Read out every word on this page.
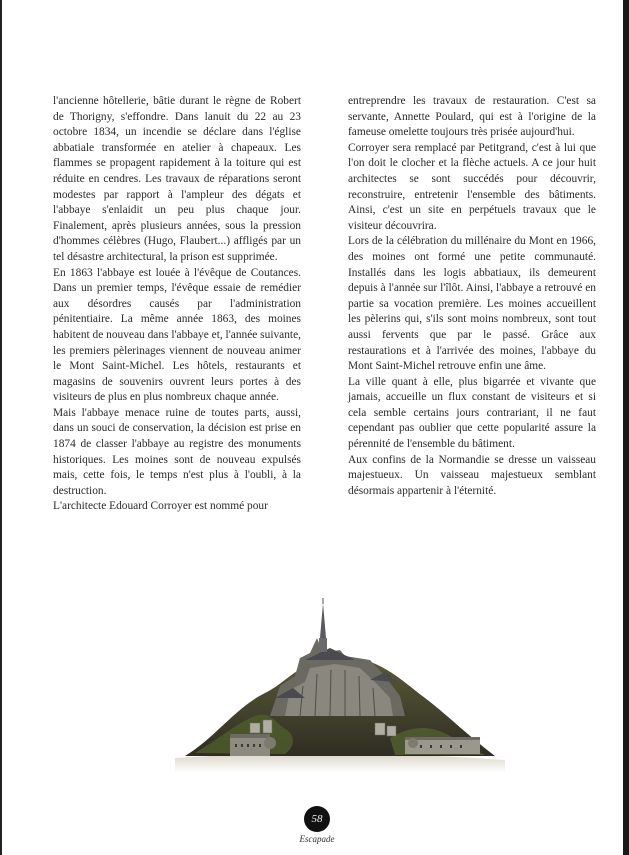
l'ancienne hôtellerie, bâtie durant le règne de Robert de Thorigny, s'effondre. Dans lanuit du 22 au 23 octobre 1834, un incendie se déclare dans l'église abbatiale transformée en atelier à chapeaux. Les flammes se propagent rapidement à la toiture qui est réduite en cendres. Les travaux de réparations seront modestes par rapport à l'ampleur des dégats et l'abbaye s'enlaidit un peu plus chaque jour. Finalement, après plusieurs années, sous la pression d'hommes célèbres (Hugo, Flaubert...) affligés par un tel désastre architectural, la prison est supprimée.

En 1863 l'abbaye est louée à l'évêque de Coutances. Dans un premier temps, l'évêque essaie de remédier aux désordres causés par l'administration pénitentiaire. La même année 1863, des moines habitent de nouveau dans l'abbaye et, l'année suivante, les premiers pèlerinages viennent de nouveau animer le Mont Saint-Michel. Les hôtels, restaurants et magasins de souvenirs ouvrent leurs portes à des visiteurs de plus en plus nombreux chaque année.

Mais l'abbaye menace ruine de toutes parts, aussi, dans un souci de conservation, la décision est prise en 1874 de classer l'abbaye au registre des monuments historiques. Les moines sont de nouveau expulsés mais, cette fois, le temps n'est plus à l'oubli, à la destruction.

L'architecte Edouard Corroyer est nommé pour

entreprendre les travaux de restauration. C'est sa servante, Annette Poulard, qui est à l'origine de la fameuse omelette toujours très prisée aujourd'hui.

Corroyer sera remplacé par Petitgrand, c'est à lui que l'on doit le clocher et la flèche actuels. A ce jour huit architectes se sont succédés pour découvrir, reconstruire, entretenir l'ensemble des bâtiments. Ainsi, c'est un site en perpétuels travaux que le visiteur découvrira.

Lors de la célébration du millénaire du Mont en 1966, des moines ont formé une petite communauté. Installés dans les logis abbatiaux, ils demeurent depuis à l'année sur l'îlôt. Ainsi, l'abbaye a retrouvé en partie sa vocation première. Les moines accueillent les pèlerins qui, s'ils sont moins nombreux, sont tout aussi fervents que par le passé. Grâce aux restaurations et à l'arrivée des moines, l'abbaye du Mont Saint-Michel retrouve enfin une âme.

La ville quant à elle, plus bigarrée et vivante que jamais, accueille un flux constant de visiteurs et si cela semble certains jours contrariant, il ne faut cependant pas oublier que cette popularité assure la pérennité de l'ensemble du bâtiment.

Aux confins de la Normandie se dresse un vaisseau majestueux. Un vaisseau majestueux semblant désormais appartenir à l'éternité.

58
Escapade
